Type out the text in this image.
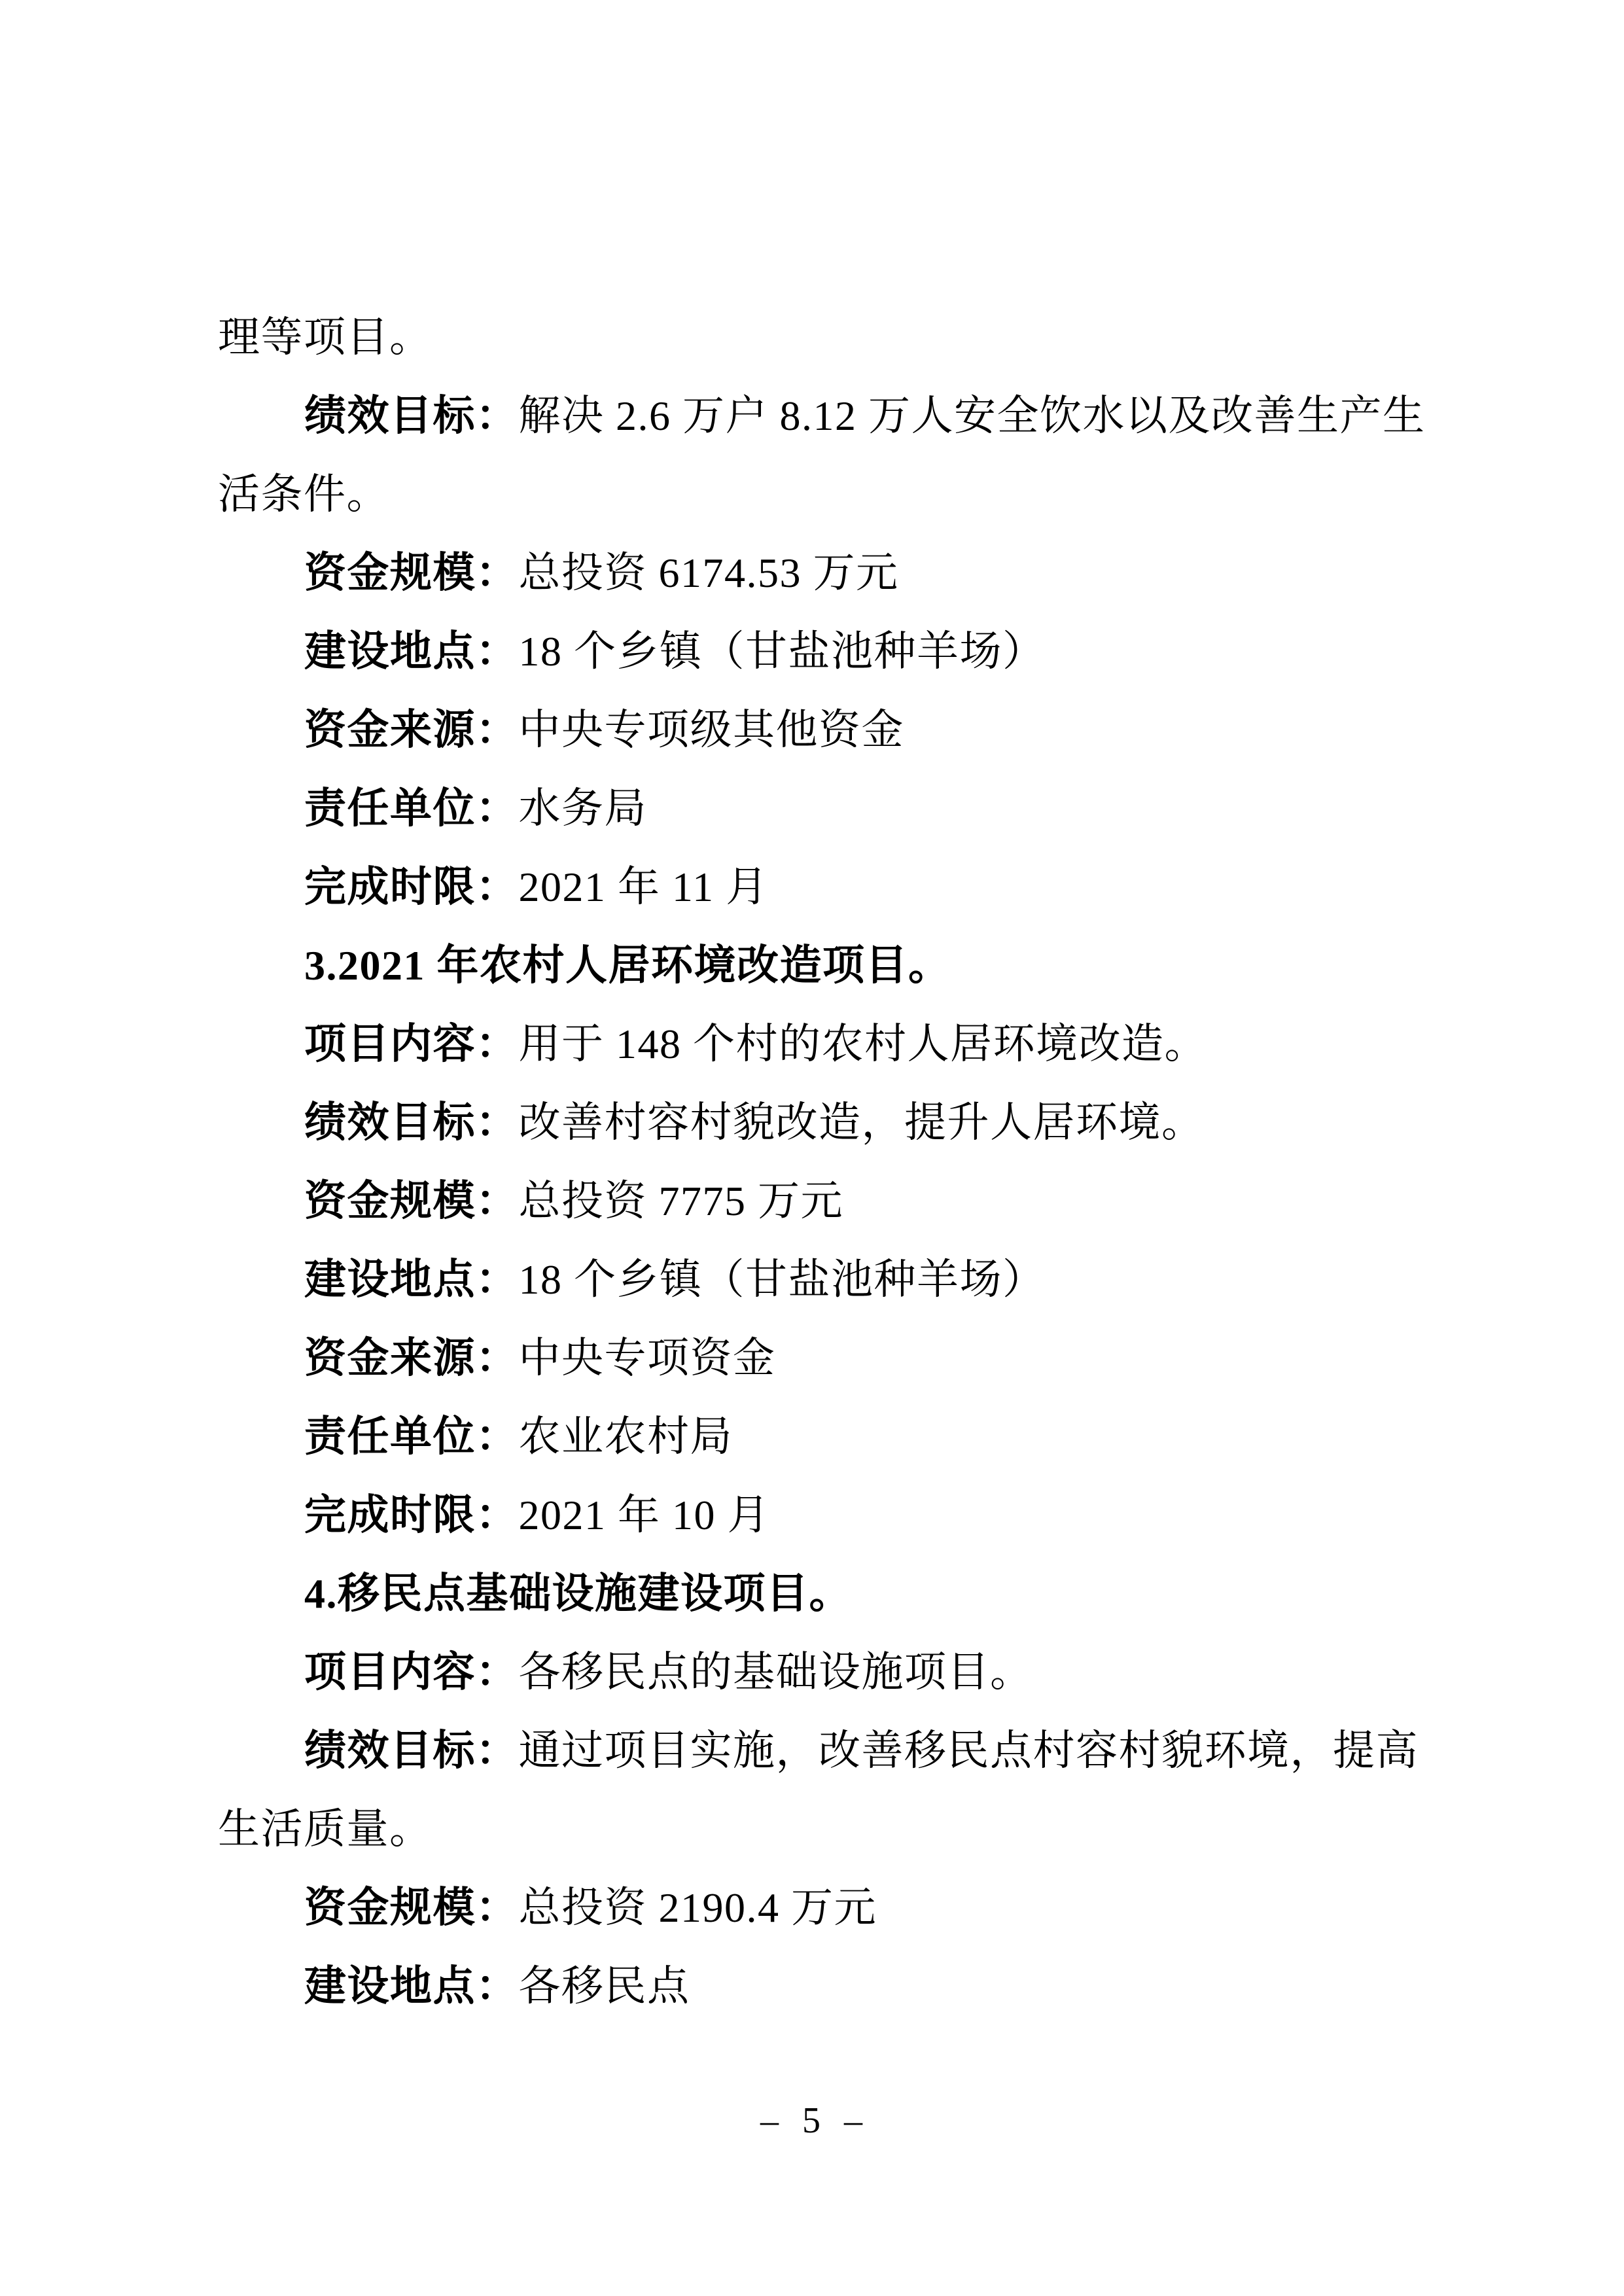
理等项目。
绩效目标：解决 2.6 万户 8.12 万人安全饮水以及改善生产生
活条件。
资金规模：总投资 6174.53 万元
建设地点：18 个乡镇（甘盐池种羊场）
资金来源：中央专项级其他资金
责任单位：水务局
完成时限：2021 年 11 月
3.2021 年农村人居环境改造项目。
项目内容：用于 148 个村的农村人居环境改造。
绩效目标：改善村容村貌改造，提升人居环境。
资金规模：总投资 7775 万元
建设地点：18 个乡镇（甘盐池种羊场）
资金来源：中央专项资金
责任单位：农业农村局
完成时限：2021 年 10 月
4.移民点基础设施建设项目。
项目内容：各移民点的基础设施项目。
绩效目标：通过项目实施，改善移民点村容村貌环境，提高
生活质量。
资金规模：总投资 2190.4 万元
建设地点：各移民点
– 5 –
